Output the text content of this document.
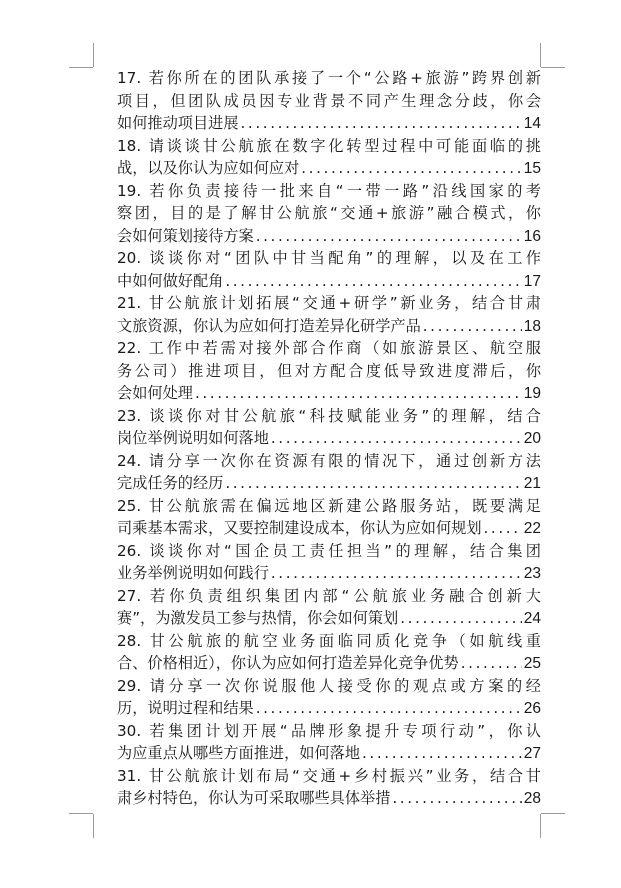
17. 若你所在的团队承接了一个“公路+旅游”跨界创新
项目，但团队成员因专业背景不同产生理念分歧，你会
如何推动项目进展 .....	14
18. 请谈谈甘公航旅在数字化转型过程中可能面临的挑
战，以及你认为应如何应对 .....	15
19. 若你负责接待一批来自“一带一路”沿线国家的考
察团，目的是了解甘公航旅“交通+旅游”融合模式，你
会如何策划接待方案 .....	16
20. 谈谈你对“团队中甘当配角”的理解，以及在工作
中如何做好配角 .....	17
21. 甘公航旅计划拓展“交通+研学”新业务，结合甘肃
文旅资源，你认为应如何打造差异化研学产品 .....	18
22. 工作中若需对接外部合作商（如旅游景区、航空服
务公司）推进项目，但对方配合度低导致进度滞后，你
会如何处理 .....	19
23. 谈谈你对甘公航旅“科技赋能业务”的理解，结合
岗位举例说明如何落地 .....	20
24. 请分享一次你在资源有限的情况下，通过创新方法
完成任务的经历 .....	21
25. 甘公航旅需在偏远地区新建公路服务站，既要满足
司乘基本需求，又要控制建设成本，你认为应如何规划 .....	22
26. 谈谈你对“国企员工责任担当”的理解，结合集团
业务举例说明如何践行 .....	23
27. 若你负责组织集团内部“公航旅业务融合创新大
赛”，为激发员工参与热情，你会如何策划 .....	24
28. 甘公航旅的航空业务面临同质化竞争（如航线重
合、价格相近），你认为应如何打造差异化竞争优势 .....	25
29. 请分享一次你说服他人接受你的观点或方案的经
历，说明过程和结果 .....	26
30. 若集团计划开展“品牌形象提升专项行动”，你认
为应重点从哪些方面推进，如何落地 .....	27
31. 甘公航旅计划布局“交通+乡村振兴”业务，结合甘
肃乡村特色，你认为可采取哪些具体举措 .....	28
